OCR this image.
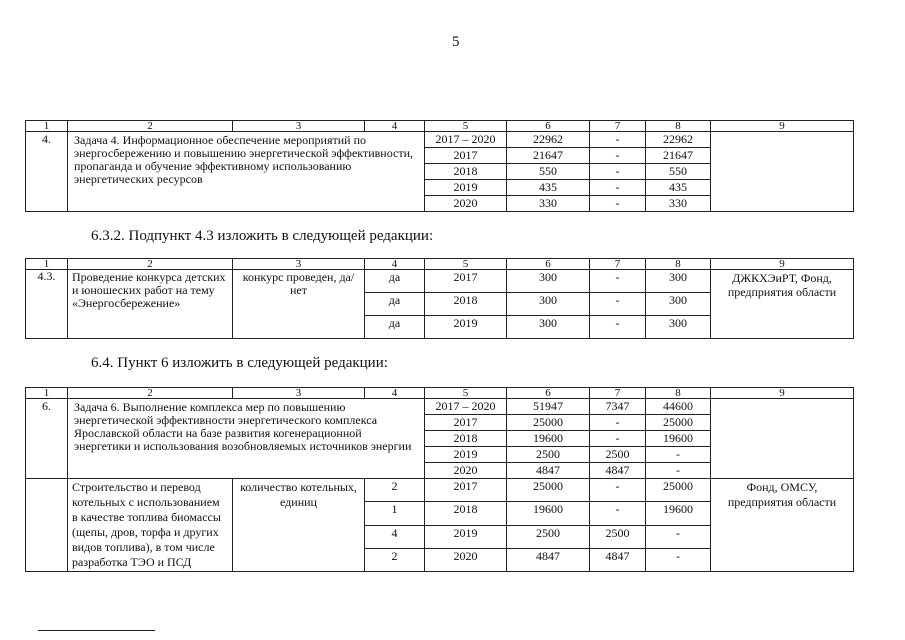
5
1	2	3	4	5	6	7	8	9
4.	Задача 4. Информационное обеспечение мероприятий по энергосбережению и повышению энергетической эффективности, пропаганда и обучение эффективному использованию энергетических ресурсов			2017 – 2020	22962	-	22962	
				2017	21647	-	21647	
				2018	550	-	550	
				2019	435	-	435	
				2020	330	-	330	
6.3.2. Подпункт 4.3 изложить в следующей редакции:
1	2	3	4	5	6	7	8	9
4.3.	Проведение конкурса детских и юношеских работ на тему «Энергосбережение»	конкурс проведен, да/нет	да	2017	300	-	300	ДЖКХЭиРТ, Фонд, предприятия области
			да	2018	300	-	300	
			да	2019	300	-	300	
6.4. Пункт 6 изложить в следующей редакции:
1	2	3	4	5	6	7	8	9
6.	Задача 6. Выполнение комплекса мер по повышению энергетической эффективности энергетического комплекса Ярославской области на базе развития когенерационной энергетики и использования возобновляемых источников энергии			2017 – 2020	51947	7347	44600	
				2017	25000	-	25000	
				2018	19600	-	19600	
				2019	2500	2500	-	
				2020	4847	4847	-	
	Строительство и перевод котельных с использованием в качестве топлива биомассы (щепы, дров, торфа и других видов топлива), в том числе разработка ТЭО и ПСД	количество котельных, единиц	2	2017	25000	-	25000	Фонд, ОМСУ, предприятия области
			1	2018	19600	-	19600	
			4	2019	2500	2500	-	
			2	2020	4847	4847	-	
